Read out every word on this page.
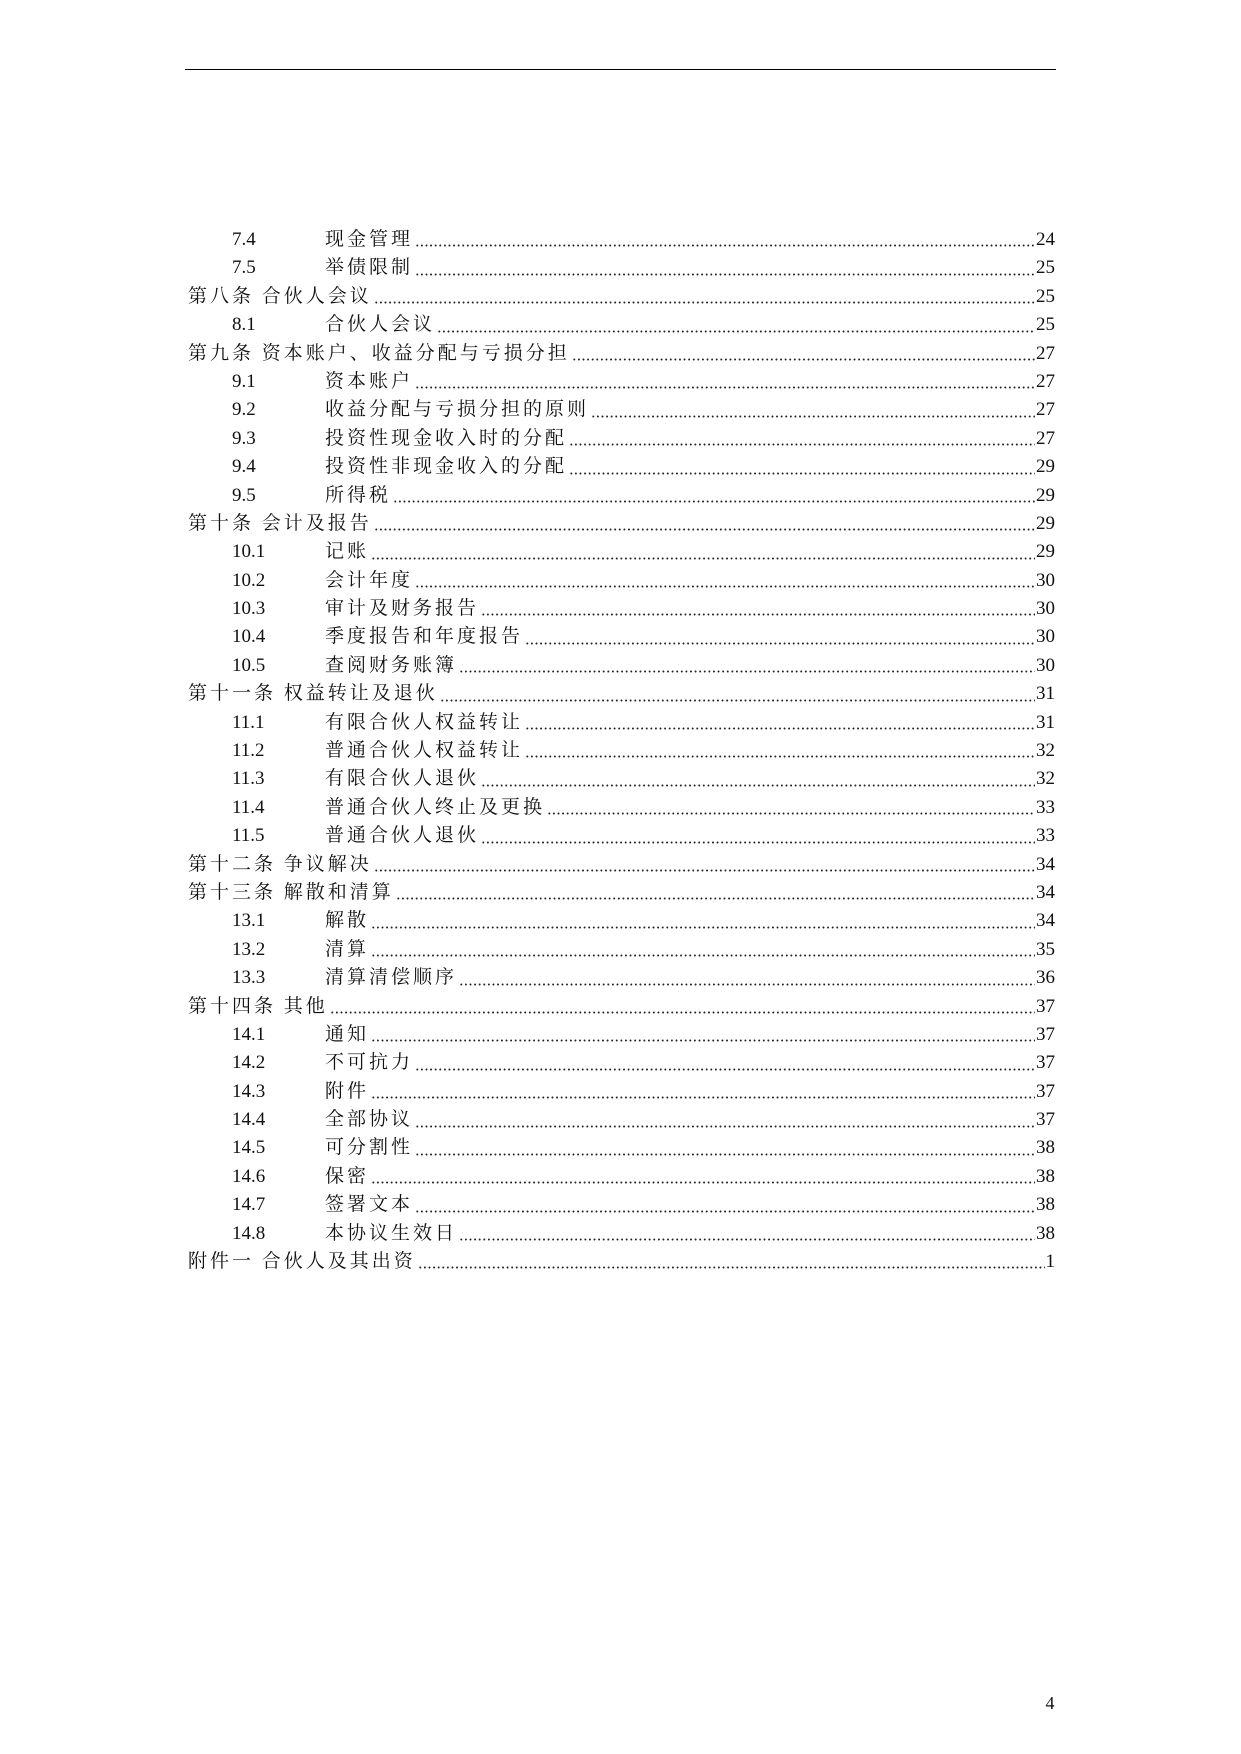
7.4	现金管理	24
7.5	举债限制	25
第八条 合伙人会议	25
8.1	合伙人会议	25
第九条 资本账户、收益分配与亏损分担	27
9.1	资本账户	27
9.2	收益分配与亏损分担的原则	27
9.3	投资性现金收入时的分配	27
9.4	投资性非现金收入的分配	29
9.5	所得税	29
第十条 会计及报告	29
10.1	记账	29
10.2	会计年度	30
10.3	审计及财务报告	30
10.4	季度报告和年度报告	30
10.5	查阅财务账簿	30
第十一条 权益转让及退伙	31
11.1	有限合伙人权益转让	31
11.2	普通合伙人权益转让	32
11.3	有限合伙人退伙	32
11.4	普通合伙人终止及更换	33
11.5	普通合伙人退伙	33
第十二条 争议解决	34
第十三条 解散和清算	34
13.1	解散	34
13.2	清算	35
13.3	清算清偿顺序	36
第十四条 其他	37
14.1	通知	37
14.2	不可抗力	37
14.3	附件	37
14.4	全部协议	37
14.5	可分割性	38
14.6	保密	38
14.7	签署文本	38
14.8	本协议生效日	38
附件一 合伙人及其出资	1
4
